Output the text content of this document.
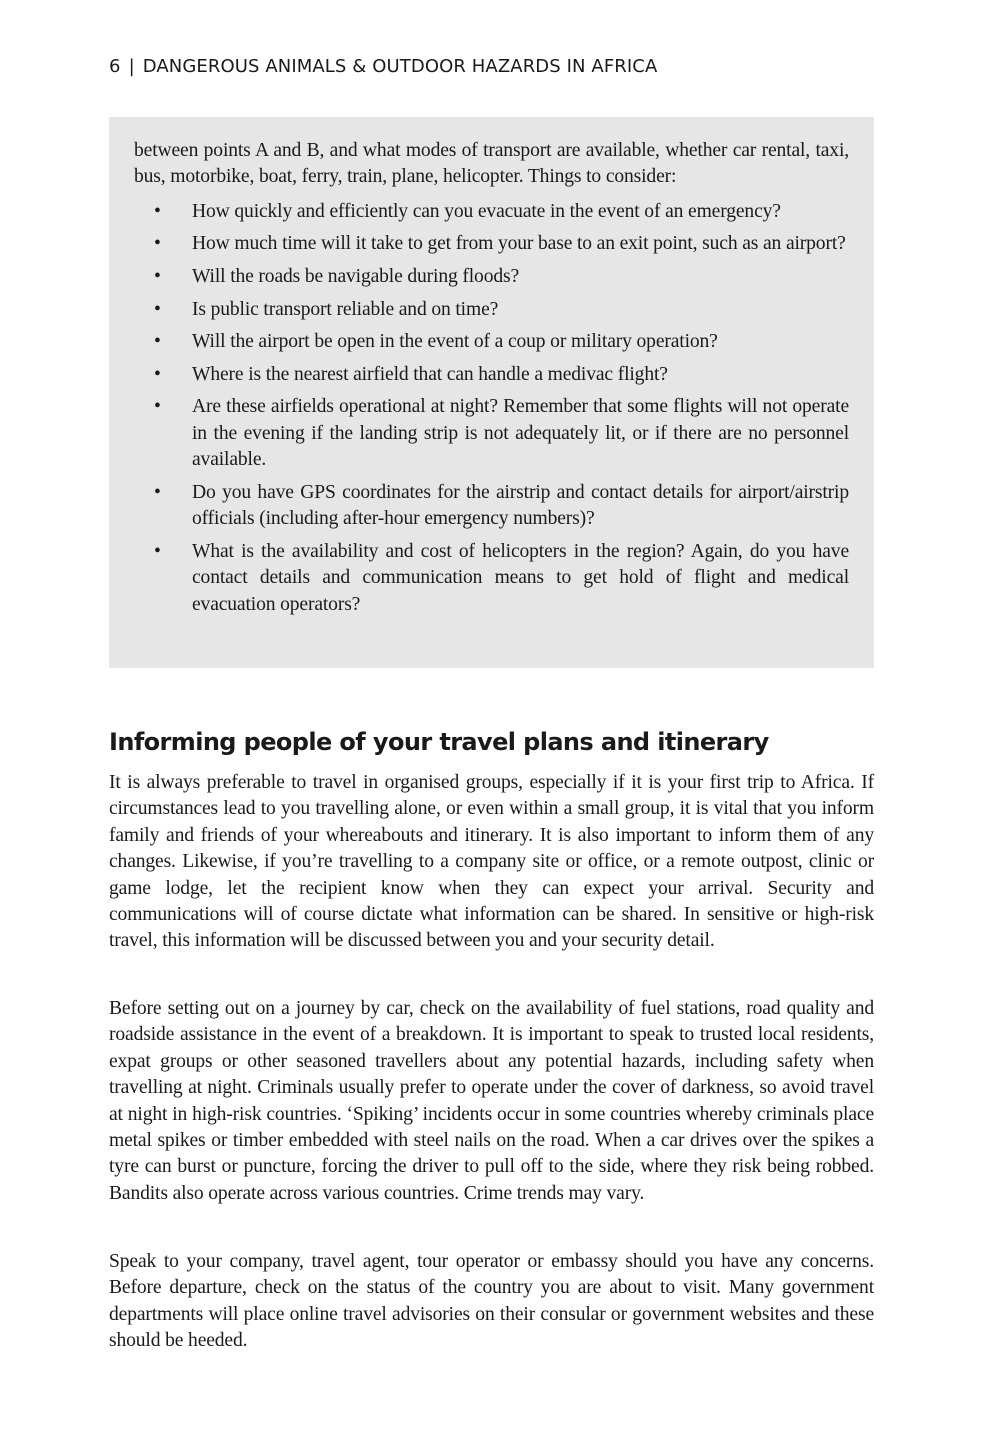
6 | DANGEROUS ANIMALS & OUTDOOR HAZARDS IN AFRICA

between points A and B, and what modes of transport are available, whether car rental, taxi, bus, motorbike, boat, ferry, train, plane, helicopter. Things to consider:

• How quickly and efficiently can you evacuate in the event of an emergency?
• How much time will it take to get from your base to an exit point, such as an airport?
• Will the roads be navigable during floods?
• Is public transport reliable and on time?
• Will the airport be open in the event of a coup or military operation?
• Where is the nearest airfield that can handle a medivac flight?
• Are these airfields operational at night? Remember that some flights will not operate in the evening if the landing strip is not adequately lit, or if there are no personnel available.
• Do you have GPS coordinates for the airstrip and contact details for airport/airstrip officials (including after-hour emergency numbers)?
• What is the availability and cost of helicopters in the region? Again, do you have contact details and communication means to get hold of flight and medical evacuation operators?
Informing people of your travel plans and itinerary

It is always preferable to travel in organised groups, especially if it is your first trip to Africa. If circumstances lead to you travelling alone, or even within a small group, it is vital that you inform family and friends of your whereabouts and itinerary. It is also important to inform them of any changes. Likewise, if you’re travelling to a company site or office, or a remote outpost, clinic or game lodge, let the recipient know when they can expect your arrival. Security and communications will of course dictate what information can be shared. In sensitive or high-risk travel, this information will be discussed between you and your security detail.

Before setting out on a journey by car, check on the availability of fuel stations, road quality and roadside assistance in the event of a breakdown. It is important to speak to trusted local residents, expat groups or other seasoned travellers about any potential hazards, including safety when travelling at night. Criminals usually prefer to operate under the cover of darkness, so avoid travel at night in high-risk countries. ‘Spiking’ incidents occur in some countries whereby criminals place metal spikes or timber embedded with steel nails on the road. When a car drives over the spikes a tyre can burst or puncture, forcing the driver to pull off to the side, where they risk being robbed. Bandits also operate across various countries. Crime trends may vary.

Speak to your company, travel agent, tour operator or embassy should you have any concerns. Before departure, check on the status of the country you are about to visit. Many government departments will place online travel advisories on their consular or government websites and these should be heeded.
